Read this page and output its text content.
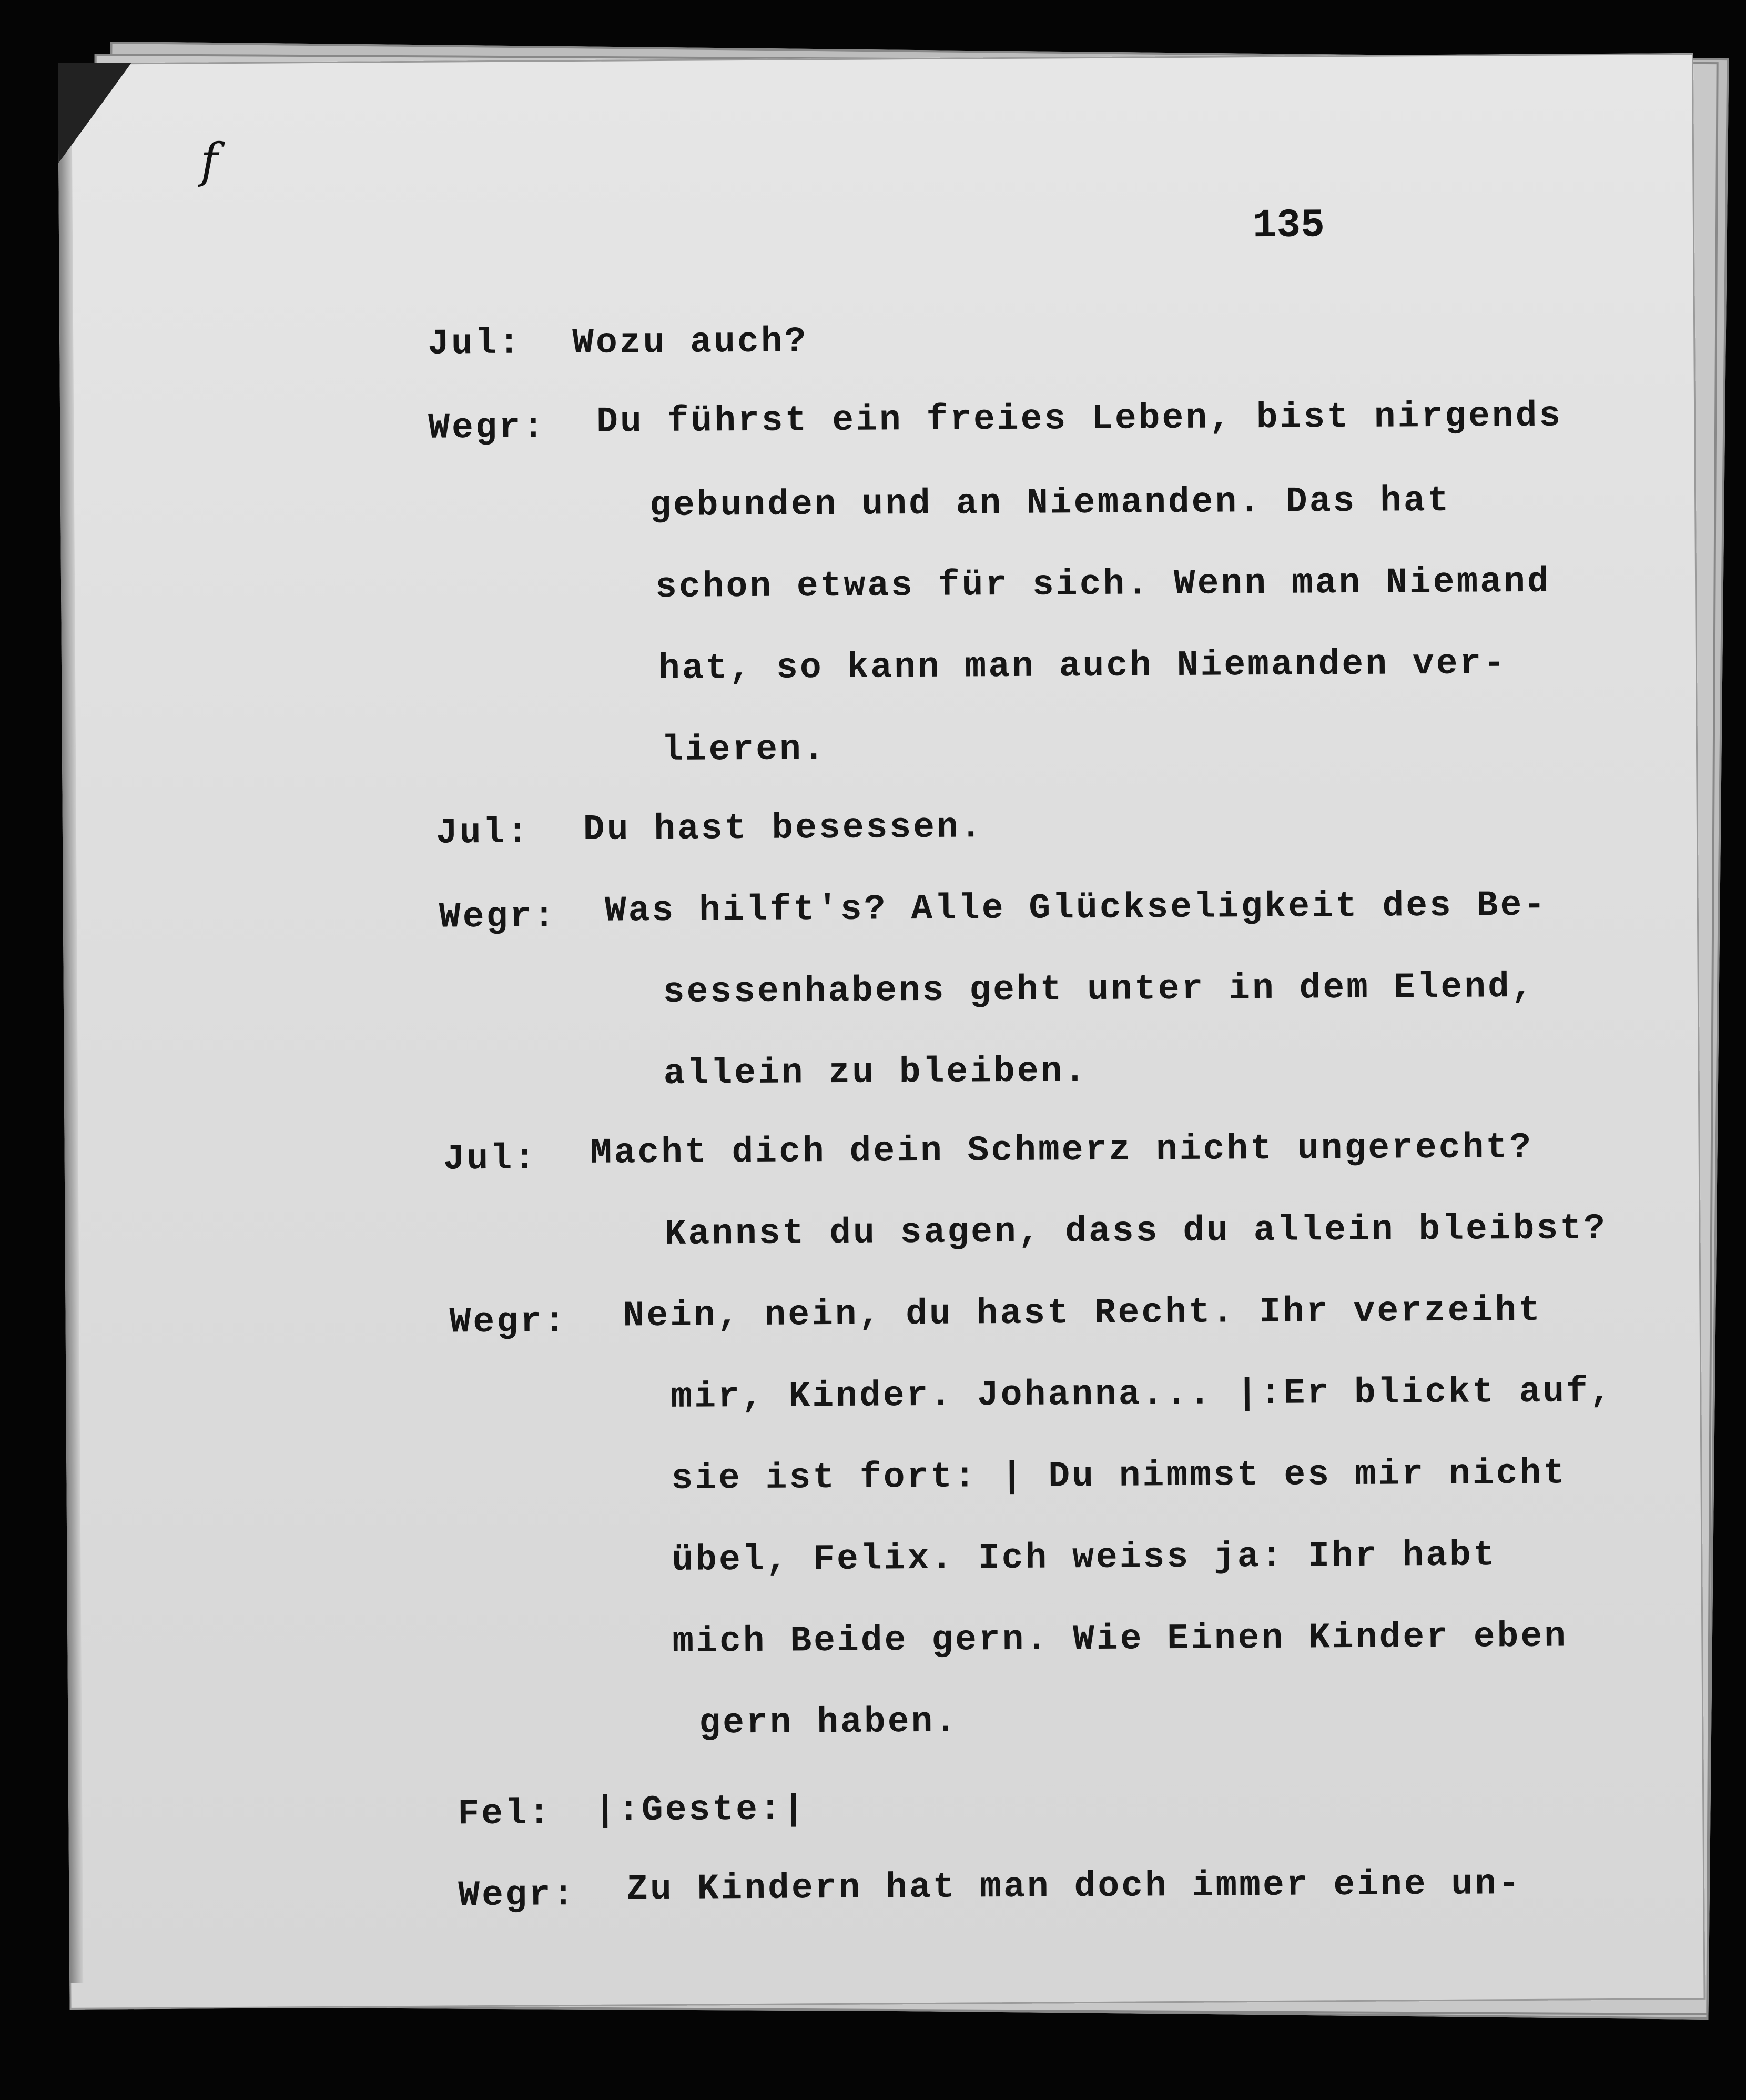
f
135
Jul: Wozu auch?
Wegr: Du führst ein freies Leben, bist nirgends
gebunden und an Niemanden. Das hat
schon etwas für sich. Wenn man Niemand
hat, so kann man auch Niemanden ver-
lieren.
Jul: Du hast besessen.
Wegr: Was hilft's? Alle Glückseligkeit des Be-
sessenhabens geht unter in dem Elend,
allein zu bleiben.
Jul: Macht dich dein Schmerz nicht ungerecht?
Kannst du sagen, dass du allein bleibst?
Wegr: Nein, nein, du hast Recht. Ihr verzeiht
mir, Kinder. Johanna... |:Er blickt auf,
sie ist fort: | Du nimmst es mir nicht
übel, Felix. Ich weiss ja: Ihr habt
mich Beide gern. Wie Einen Kinder eben
gern haben.
Fel: |:Geste:|
Wegr: Zu Kindern hat man doch immer eine un-
